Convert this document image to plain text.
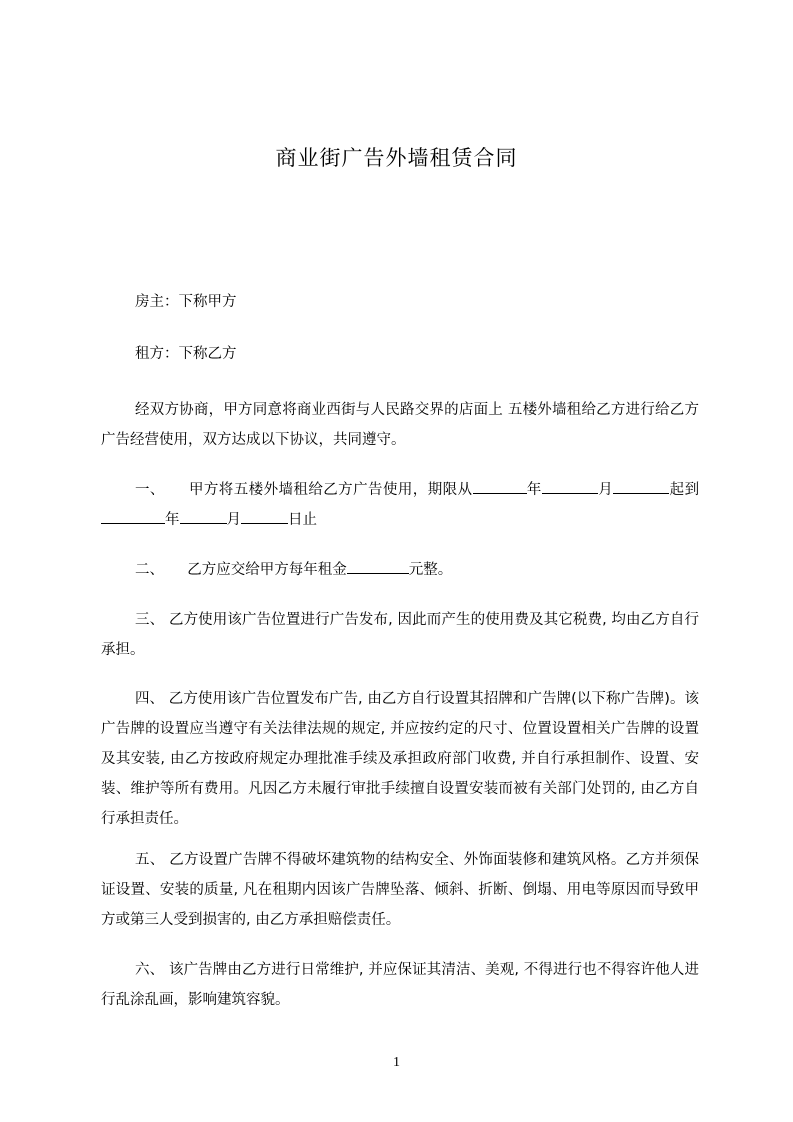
商业街广告外墙租赁合同
房主：下称甲方
租方：下称乙方
经双方协商，甲方同意将商业西街与人民路交界的店面上 五楼外墙租给乙方进行给乙方广告经营使用，双方达成以下协议，共同遵守。
一、 甲方将五楼外墙租给乙方广告使用，期限从	年	月	起到年	月	日止
二、 乙方应交给甲方每年租金	元整。
三、 乙方使用该广告位置进行广告发布, 因此而产生的使用费及其它税费, 均由乙方自行承担。
四、 乙方使用该广告位置发布广告, 由乙方自行设置其招牌和广告牌(以下称广告牌)。该广告牌的设置应当遵守有关法律法规的规定, 并应按约定的尺寸、位置设置相关广告牌的设置及其安装, 由乙方按政府规定办理批准手续及承担政府部门收费, 并自行承担制作、设置、安装、维护等所有费用。凡因乙方未履行审批手续擅自设置安装而被有关部门处罚的, 由乙方自行承担责任。
五、 乙方设置广告牌不得破坏建筑物的结构安全、外饰面装修和建筑风格。乙方并须保证设置、安装的质量, 凡在租期内因该广告牌坠落、倾斜、折断、倒塌、用电等原因而导致甲方或第三人受到损害的, 由乙方承担赔偿责任。
六、 该广告牌由乙方进行日常维护, 并应保证其清洁、美观, 不得进行也不得容许他人进行乱涂乱画，影响建筑容貌。
1
